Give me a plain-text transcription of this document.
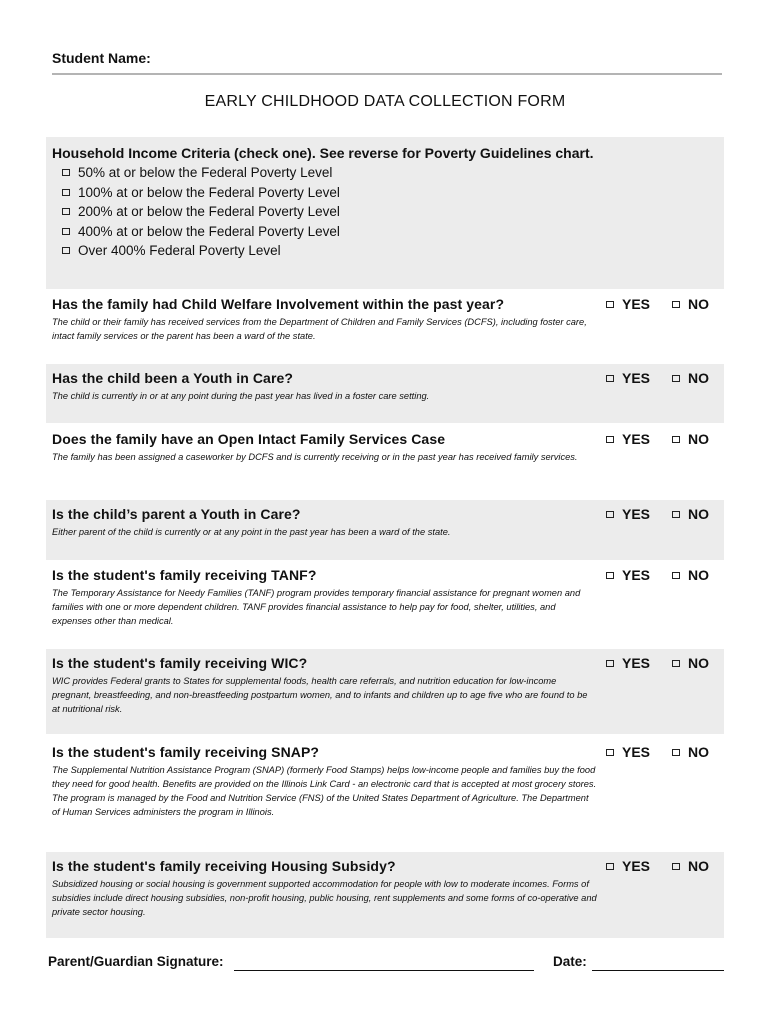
Student Name:
EARLY CHILDHOOD DATA COLLECTION FORM
Household Income Criteria (check one). See reverse for Poverty Guidelines chart.
50% at or below the Federal Poverty Level
100% at or below the Federal Poverty Level
200% at or below the Federal Poverty Level
400% at or below the Federal Poverty Level
Over 400% Federal Poverty Level
Has the family had Child Welfare Involvement within the past year?
The child or their family has received services from the Department of Children and Family Services (DCFS), including foster care, intact family services or the parent has been a ward of the state.
YES	NO
Has the child been a Youth in Care?
The child is currently in or at any point during the past year has lived in a foster care setting.
YES	NO
Does the family have an Open Intact Family Services Case
The family has been assigned a caseworker by DCFS and is currently receiving or in the past year has received family services.
YES	NO
Is the child’s parent a Youth in Care?
Either parent of the child is currently or at any point in the past year has been a ward of the state.
YES	NO
Is the student's family receiving TANF?
The Temporary Assistance for Needy Families (TANF) program provides temporary financial assistance for pregnant women and families with one or more dependent children. TANF provides financial assistance to help pay for food, shelter, utilities, and expenses other than medical.
YES	NO
Is the student's family receiving WIC?
WIC provides Federal grants to States for supplemental foods, health care referrals, and nutrition education for low-income pregnant, breastfeeding, and non-breastfeeding postpartum women, and to infants and children up to age five who are found to be at nutritional risk.
YES	NO
Is the student's family receiving SNAP?
The Supplemental Nutrition Assistance Program (SNAP) (formerly Food Stamps) helps low-income people and families buy the food they need for good health. Benefits are provided on the Illinois Link Card - an electronic card that is accepted at most grocery stores. The program is managed by the Food and Nutrition Service (FNS) of the United States Department of Agriculture. The Department of Human Services administers the program in Illinois.
YES	NO
Is the student's family receiving Housing Subsidy?
Subsidized housing or social housing is government supported accommodation for people with low to moderate incomes. Forms of subsidies include direct housing subsidies, non-profit housing, public housing, rent supplements and some forms of co-operative and private sector housing.
YES	NO
Parent/Guardian Signature:	Date:
